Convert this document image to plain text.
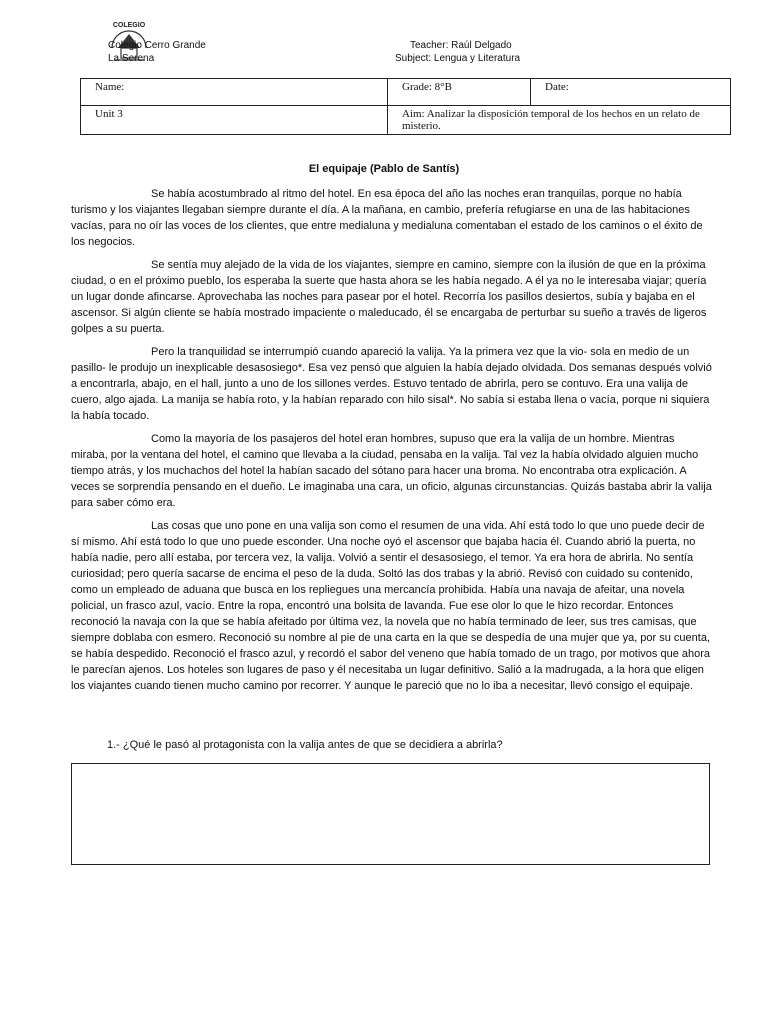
COLEGIO
Colegio Cerro Grande
La Serena
Teacher: Raúl Delgado
Subject: Lengua y Literatura
Name:	Grade: 8°B	Date:
Unit 3	Aim: Analizar la disposición temporal de los hechos en un relato de misterio.	
El equipaje (Pablo de Santís)

Se había acostumbrado al ritmo del hotel. En esa época del año las noches eran tranquilas, porque no había turismo y los viajantes llegaban siempre durante el día. A la mañana, en cambio, prefería refugiarse en una de las habitaciones vacías, para no oír las voces de los clientes, que entre medialuna y medialuna comentaban el estado de los caminos o el éxito de los negocios.

Se sentía muy alejado de la vida de los viajantes, siempre en camino, siempre con la ilusión de que en la próxima ciudad, o en el próximo pueblo, los esperaba la suerte que hasta ahora se les había negado. A él ya no le interesaba viajar; quería un lugar donde afincarse. Aprovechaba las noches para pasear por el hotel. Recorría los pasillos desiertos, subía y bajaba en el ascensor. Si algún cliente se había mostrado impaciente o maleducado, él se encargaba de perturbar su sueño a través de ligeros golpes a su puerta.

Pero la tranquilidad se interrumpió cuando apareció la valija. Ya la primera vez que la vio- sola en medio de un pasillo- le produjo un inexplicable desasosiego*. Esa vez pensó que alguien la había dejado olvidada. Dos semanas después volvió a encontrarla, abajo, en el hall, junto a uno de los sillones verdes. Estuvo tentado de abrirla, pero se contuvo. Era una valija de cuero, algo ajada. La manija se había roto, y la habían reparado con hilo sisal*. No sabía si estaba llena o vacía, porque ni siquiera la había tocado.

Como la mayoría de los pasajeros del hotel eran hombres, supuso que era la valija de un hombre. Mientras miraba, por la ventana del hotel, el camino que llevaba a la ciudad, pensaba en la valija. Tal vez la había olvidado alguien mucho tiempo atrás, y los muchachos del hotel la habían sacado del sótano para hacer una broma. No encontraba otra explicación. A veces se sorprendía pensando en el dueño. Le imaginaba una cara, un oficio, algunas circunstancias. Quizás bastaba abrir la valija para saber cómo era.

Las cosas que uno pone en una valija son como el resumen de una vida. Ahí está todo lo que uno puede decir de sí mismo. Ahí está todo lo que uno puede esconder. Una noche oyó el ascensor que bajaba hacia él. Cuando abrió la puerta, no había nadie, pero allí estaba, por tercera vez, la valija. Volvió a sentir el desasosiego, el temor. Ya era hora de abrirla. No sentía curiosidad; pero quería sacarse de encima el peso de la duda. Soltó las dos trabas y la abrió. Revisó con cuidado su contenido, como un empleado de aduana que busca en los repliegues una mercancía prohibida. Había una navaja de afeitar, una novela policial, un frasco azul, vacío. Entre la ropa, encontró una bolsita de lavanda. Fue ese olor lo que le hizo recordar. Entonces reconoció la navaja con la que se había afeitado por última vez, la novela que no había terminado de leer, sus tres camisas, que siempre doblaba con esmero. Reconoció su nombre al pie de una carta en la que se despedía de una mujer que ya, por su cuenta, se había despedido. Reconoció el frasco azul, y recordó el sabor del veneno que había tomado de un trago, por motivos que ahora le parecían ajenos. Los hoteles son lugares de paso y él necesitaba un lugar definitivo. Salió a la madrugada, a la hora que eligen los viajantes cuando tienen mucho camino por recorrer. Y aunque le pareció que no lo iba a necesitar, llevó consigo el equipaje.

1.- ¿Qué le pasó al protagonista con la valija antes de que se decidiera a abrirla?
